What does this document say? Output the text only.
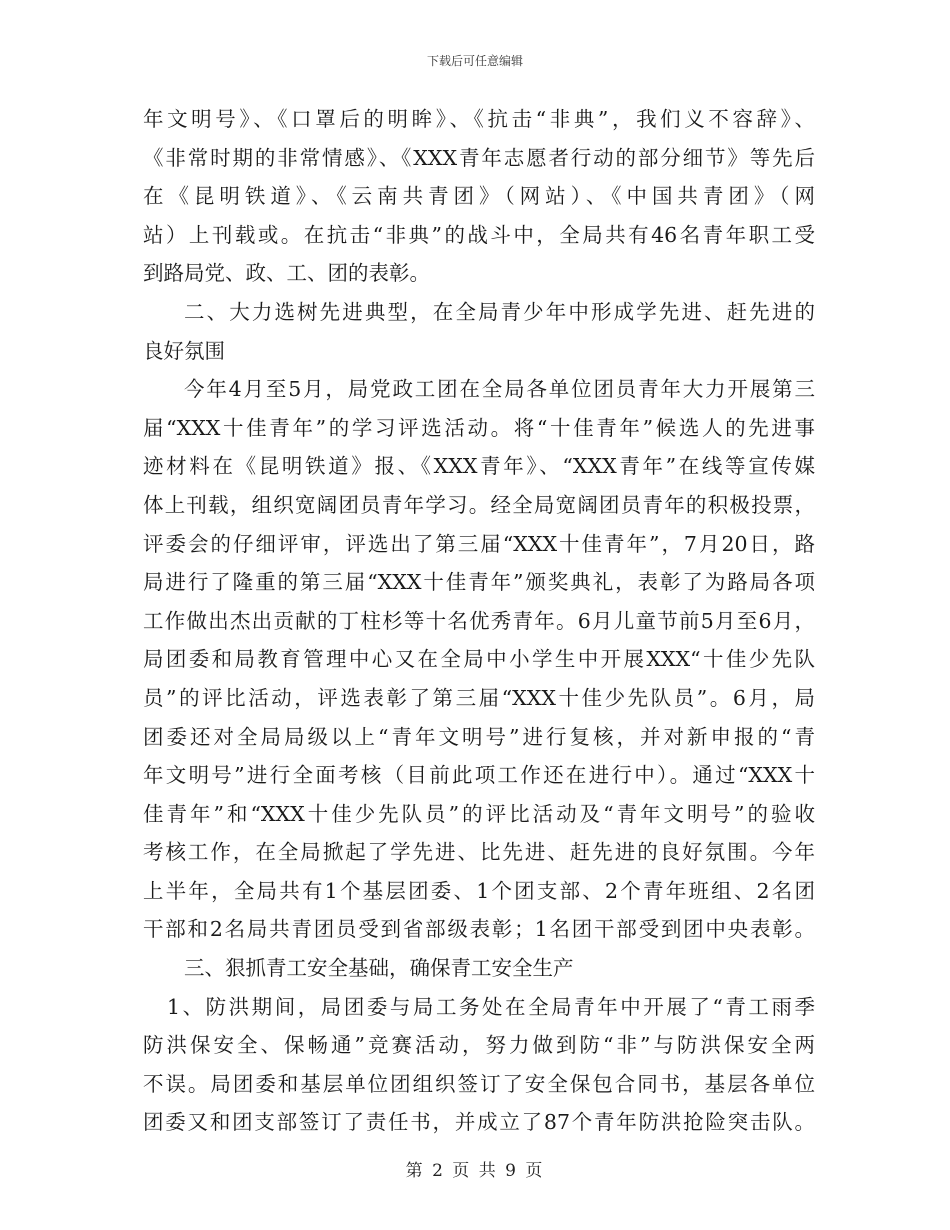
下载后可任意编辑
年文明号》、《口罩后的明眸》、《抗击“非典”，我们义不容辞》、
《非常时期的非常情感》、《XXX青年志愿者行动的部分细节》等先后
在《昆明铁道》、《云南共青团》（网站）、《中国共青团》（网
站）上刊载或。在抗击“非典”的战斗中，全局共有46名青年职工受
到路局党、政、工、团的表彰。
二、大力选树先进典型，在全局青少年中形成学先进、赶先进的
良好氛围
今年4月至5月，局党政工团在全局各单位团员青年大力开展第三
届“XXX十佳青年”的学习评选活动。将“十佳青年”候选人的先进事
迹材料在《昆明铁道》报、《XXX青年》、“XXX青年”在线等宣传媒
体上刊载，组织宽阔团员青年学习。经全局宽阔团员青年的积极投票，
评委会的仔细评审，评选出了第三届“XXX十佳青年”，7月20日，路
局进行了隆重的第三届“XXX十佳青年”颁奖典礼，表彰了为路局各项
工作做出杰出贡献的丁柱杉等十名优秀青年。6月儿童节前5月至6月，
局团委和局教育管理中心又在全局中小学生中开展XXX“十佳少先队
员”的评比活动，评选表彰了第三届“XXX十佳少先队员”。6月，局
团委还对全局局级以上“青年文明号”进行复核，并对新申报的“青
年文明号”进行全面考核（目前此项工作还在进行中）。通过“XXX十
佳青年”和“XXX十佳少先队员”的评比活动及“青年文明号”的验收
考核工作，在全局掀起了学先进、比先进、赶先进的良好氛围。今年
上半年，全局共有1个基层团委、1个团支部、2个青年班组、2名团
干部和2名局共青团员受到省部级表彰；1名团干部受到团中央表彰。
三、狠抓青工安全基础，确保青工安全生产
1、防洪期间，局团委与局工务处在全局青年中开展了“青工雨季
防洪保安全、保畅通”竞赛活动，努力做到防“非”与防洪保安全两
不误。局团委和基层单位团组织签订了安全保包合同书，基层各单位
团委又和团支部签订了责任书，并成立了87个青年防洪抢险突击队。
第 2 页 共 9 页
